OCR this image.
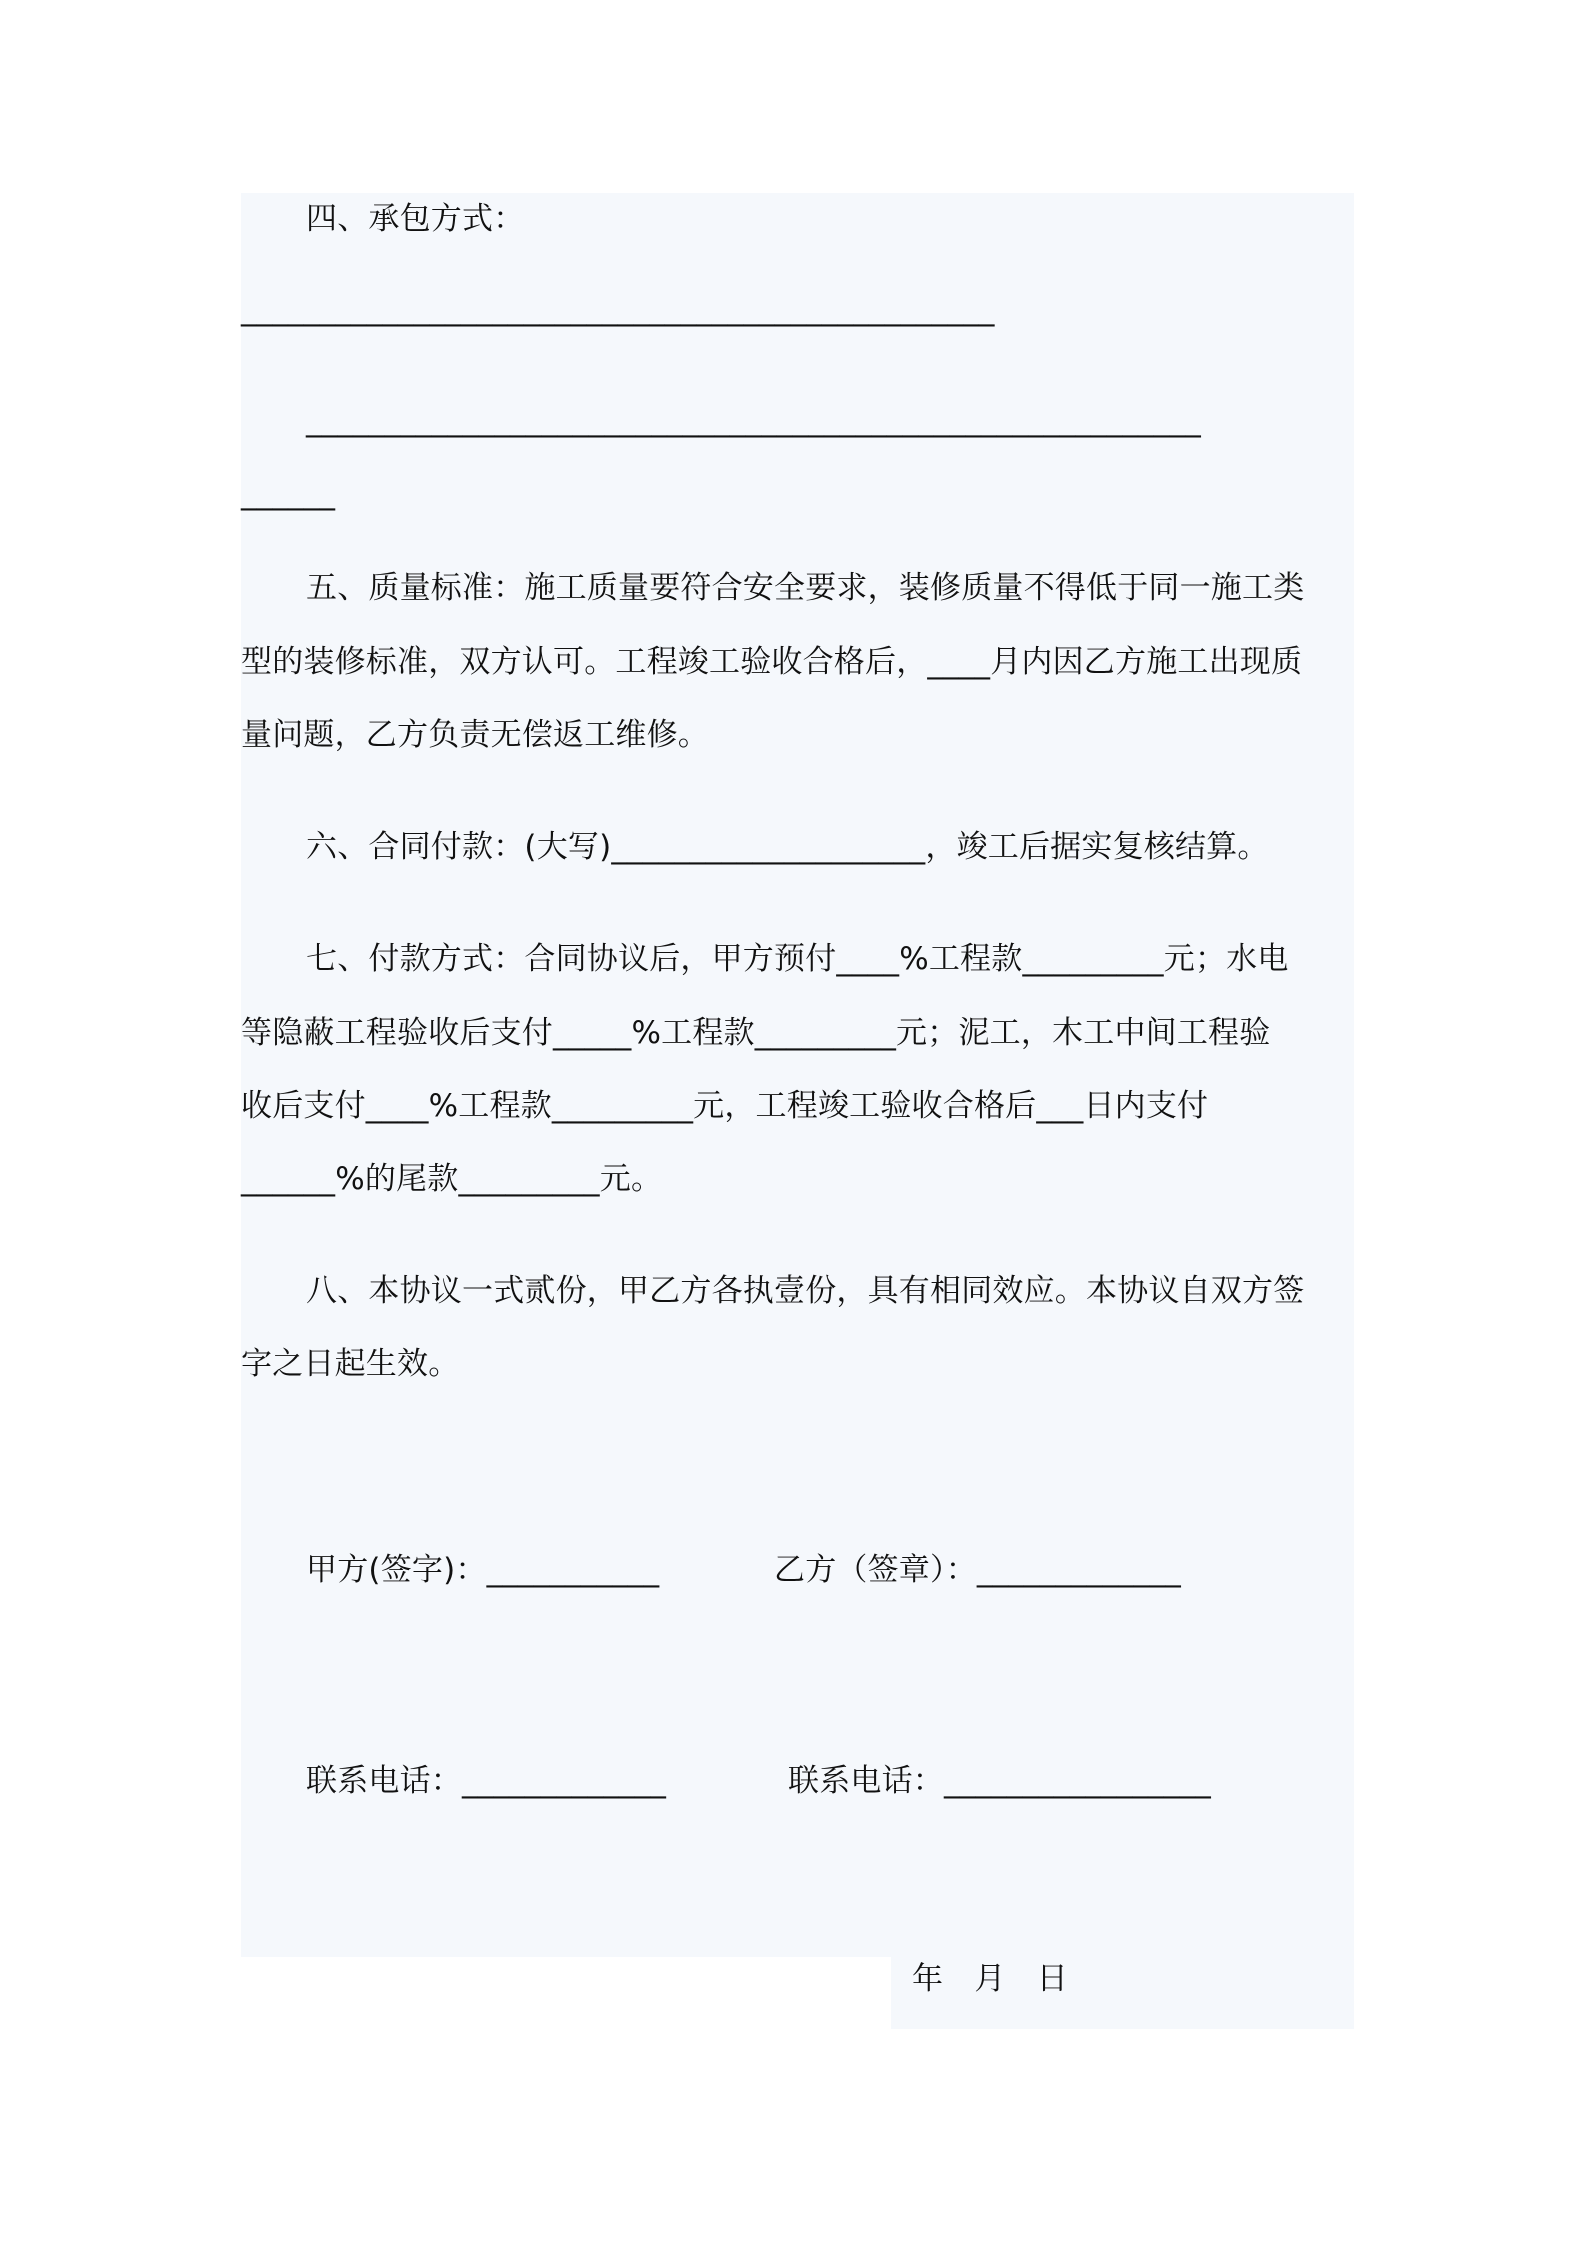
四、承包方式：

________________________________________________

_________________________________________________________

______

五、质量标准：施工质量要符合安全要求，装修质量不得低于同一施工类

型的装修标准，双方认可。工程竣工验收合格后，____月内因乙方施工出现质

量问题，乙方负责无偿返工维修。

六、合同付款：(大写)____________________，竣工后据实复核结算。

七、付款方式：合同协议后，甲方预付____%工程款_________元；水电

等隐蔽工程验收后支付_____%工程款_________元；泥工，木工中间工程验

收后支付____%工程款_________元，工程竣工验收合格后___日内支付

______%的尾款_________元。

八、本协议一式贰份，甲乙方各执壹份，具有相同效应。本协议自双方签

字之日起生效。

甲方(签字)：___________	乙方（签章）：_____________

联系电话：_____________	联系电话：_________________

年　月　日
